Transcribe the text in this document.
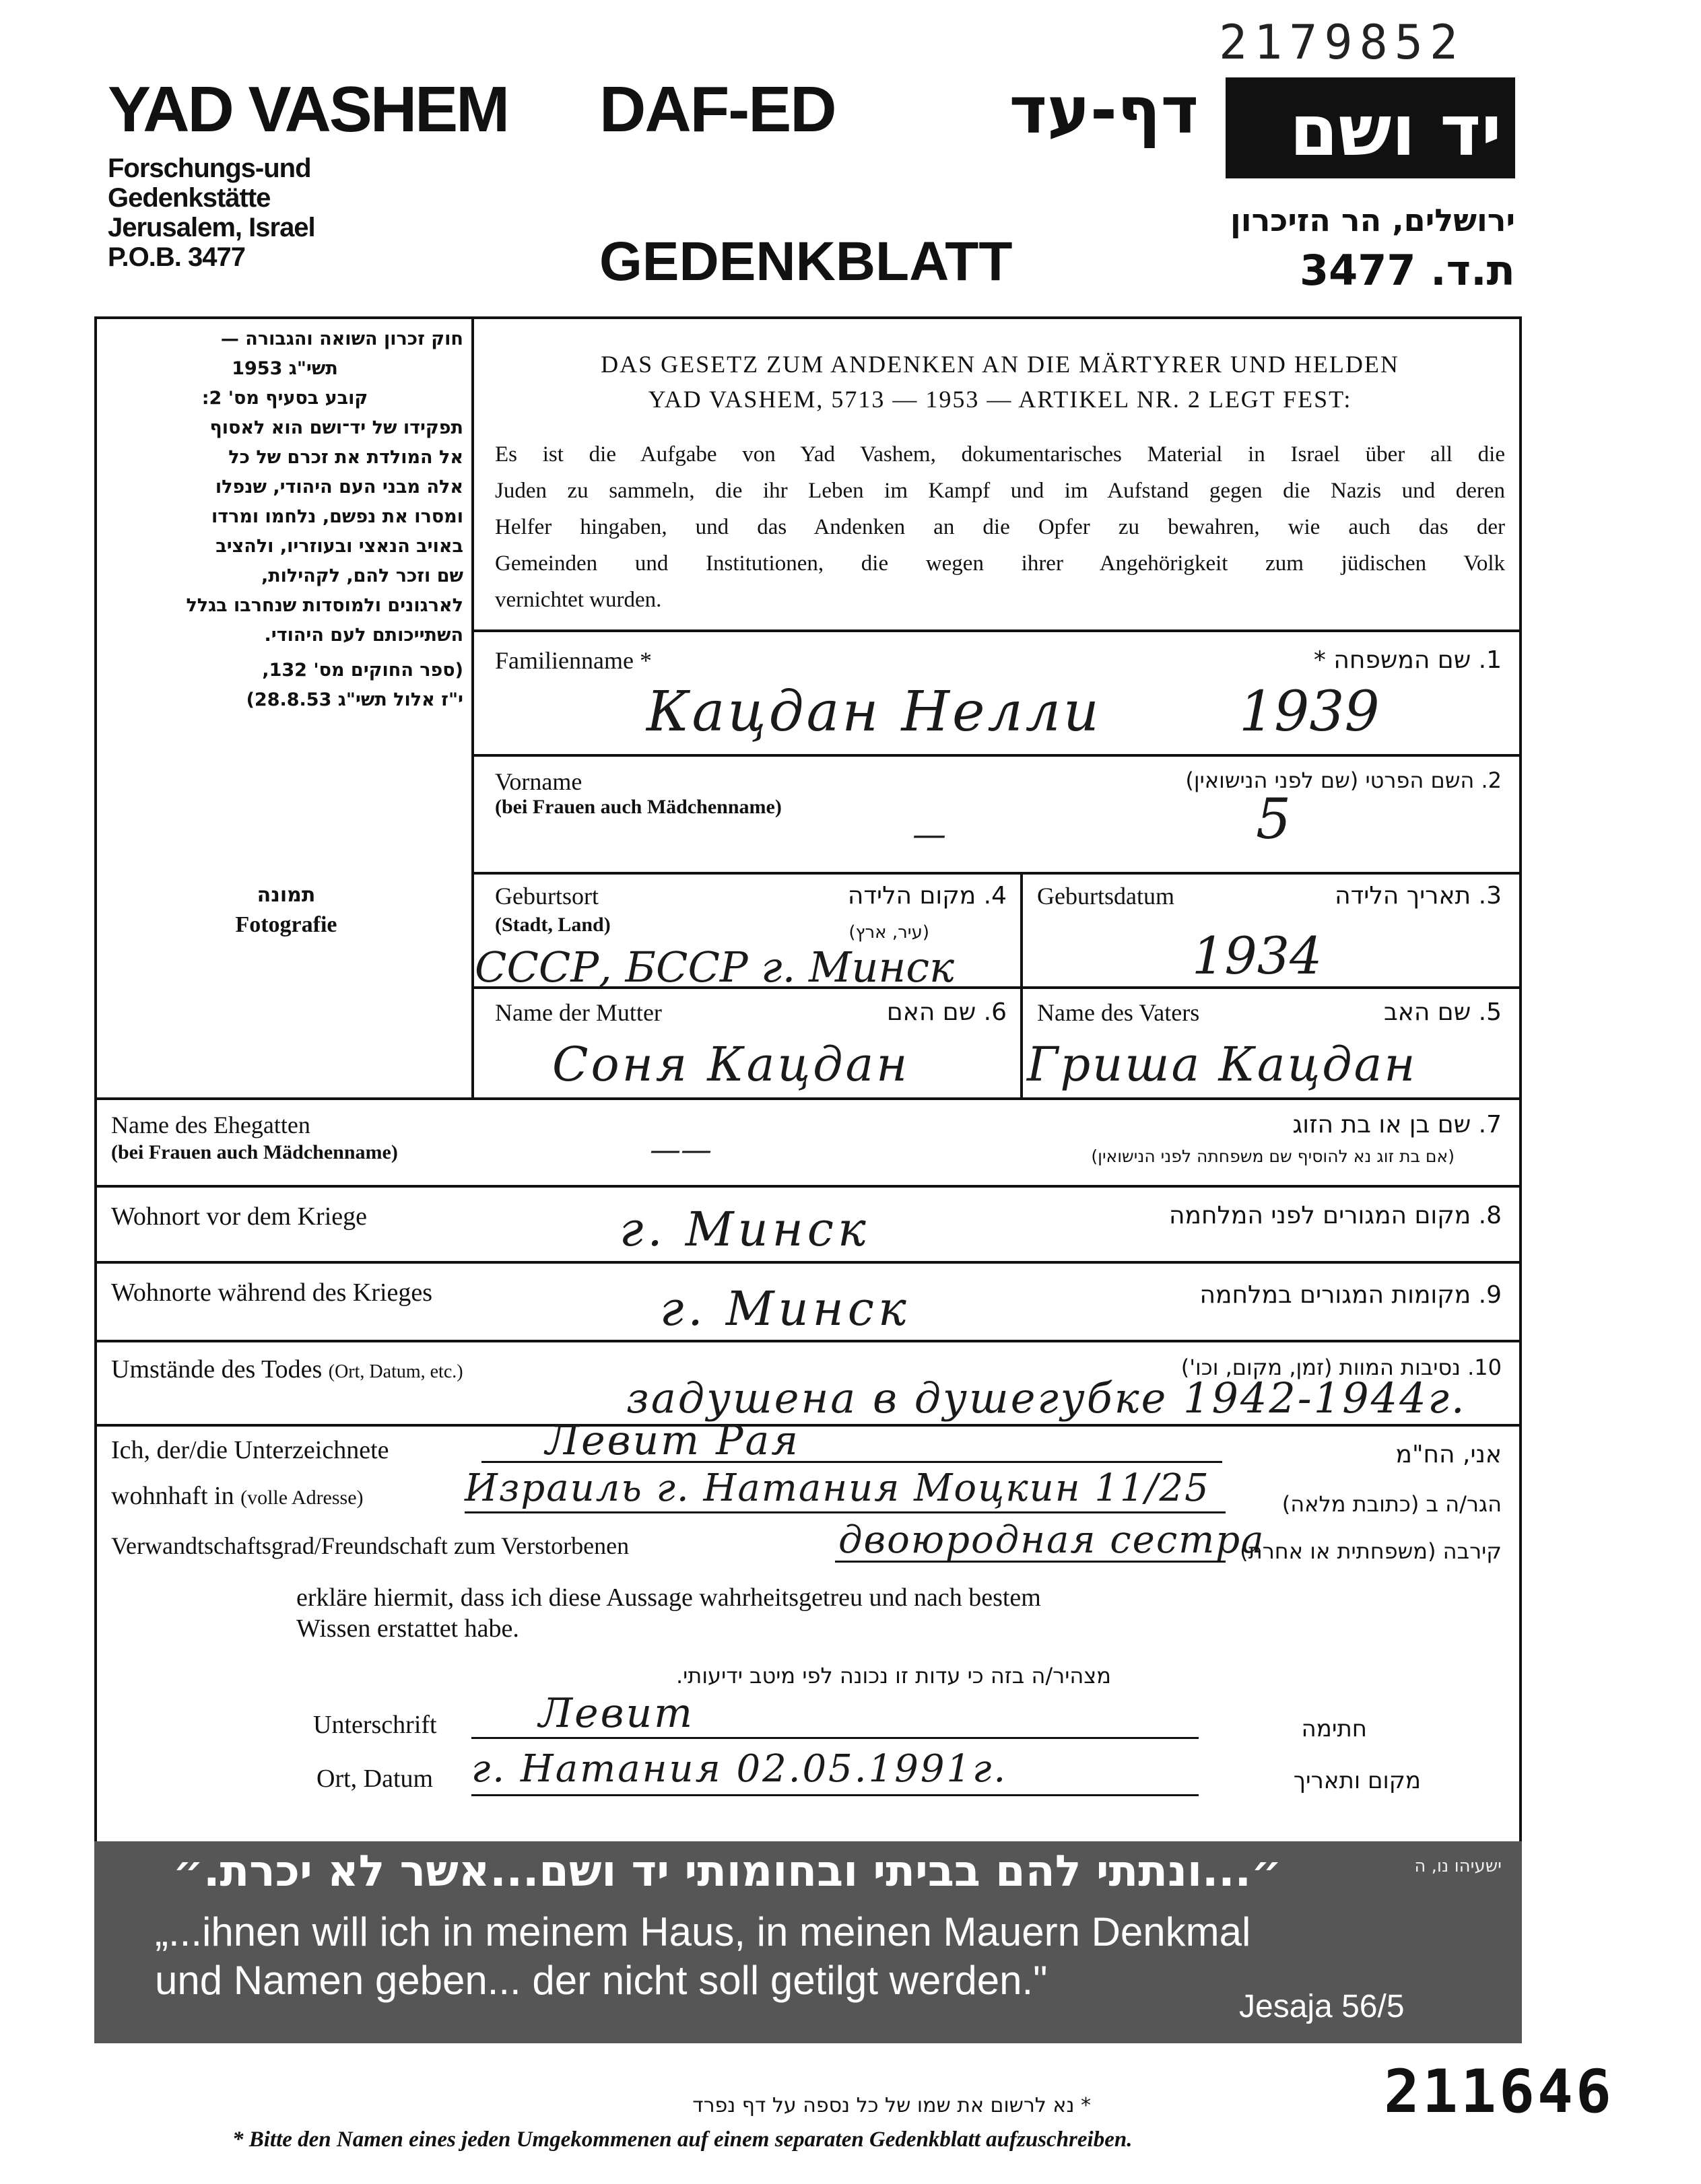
2179852
YAD VASHEM DAF-ED	דף-עד	יד ושם
Forschungs-und
Gedenkstätte
Jerusalem, Israel
P.O.B. 3477	GEDENKBLATT
ירושלים, הר הזיכרון
ת.ד. 3477
חוק זכרון השואה והגבורה —
תשי"ג 1953
קובע בסעיף מס' 2:
תפקידו של יד־ושם הוא לאסוף
אל המולדת את זכרם של כל
אלה מבני העם היהודי, שנפלו
ומסרו את נפשם, נלחמו ומרדו
באויב הנאצי ובעוזריו, ולהציב
שם וזכר להם, לקהילות,
לארגונים ולמוסדות שנחרבו בגלל
השתייכותם לעם היהודי.
(ספר החוקים מס' 132,
י"ז אלול תשי"ג 28.8.53)
תמונה
Fotografie
DAS GESETZ ZUM ANDENKEN AN DIE MÄRTYRER UND HELDEN
YAD VASHEM, 5713 — 1953 — ARTIKEL NR. 2 LEGT FEST:
Es ist die Aufgabe von Yad Vashem, dokumentarisches Material in Israel über all die
Juden zu sammeln, die ihr Leben im Kampf und im Aufstand gegen die Nazis und deren
Helfer hingaben, und das Andenken an die Opfer zu bewahren, wie auch das der
Gemeinden und Institutionen, die wegen ihrer Angehörigkeit zum jüdischen Volk
vernichtet wurden.
Familienname *	1. שם המשפחה *
Кацдан Нелли 1939
Vorname
(bei Frauen auch Mädchenname)
2. השם הפרטי (שם לפני הנישואין)
—	5
Geburtsort
(Stadt, Land)
4. מקום הלידה
(עיר, ארץ)
СССР, БССР г. Минск
Geburtsdatum	3. תאריך הלידה
1934
Name der Mutter	6. שם האם
Соня Кацдан
Name des Vaters	5. שם האב
Гриша Кацдан
Name des Ehegatten
(bei Frauen auch Mädchenname)
7. שם בן או בת הזוג
(אם בת זוג נא להוסיף שם משפחתה לפני הנישואין)
——
Wohnort vor dem Kriege	8. מקום המגורים לפני המלחמה
г. Минск
Wohnorte während des Krieges	9. מקומות המגורים במלחמה
г. Минск
Umstände des Todes (Ort, Datum, etc.)	10. נסיבות המוות (זמן, מקום, וכו')
задушена в душегубке 1942-1944г.
Ich, der/die Unterzeichnete	Левит Рая	אני, הח"מ
wohnhaft in (volle Adresse)	Израиль г. Натания Моцкин 11/25	הגר/ה ב (כתובת מלאה)
Verwandtschaftsgrad/Freundschaft zum Verstorbenen	двоюродная сестра
קירבה (משפחתית או אחרת)
erkläre hiermit, dass ich diese Aussage wahrheitsgetreu und nach bestem
Wissen erstattet habe.
מצהיר/ה בזה כי עדות זו נכונה לפי מיטב ידיעותי.
Unterschrift	Левит	חתימה
Ort, Datum г. Натания 02.05.1991г.	מקום ותאריך
ישעיהו נו, ה
״...ונתתי להם בביתי ובחומותי יד ושם...אשר לא יכרת.״
„...ihnen will ich in meinem Haus, in meinen Mauern Denkmal
und Namen geben... der nicht soll getilgt werden."
Jesaja 56/5
211646
* נא לרשום את שמו של כל נספה על דף נפרד
* Bitte den Namen eines jeden Umgekommenen auf einem separaten Gedenkblatt aufzuschreiben.
